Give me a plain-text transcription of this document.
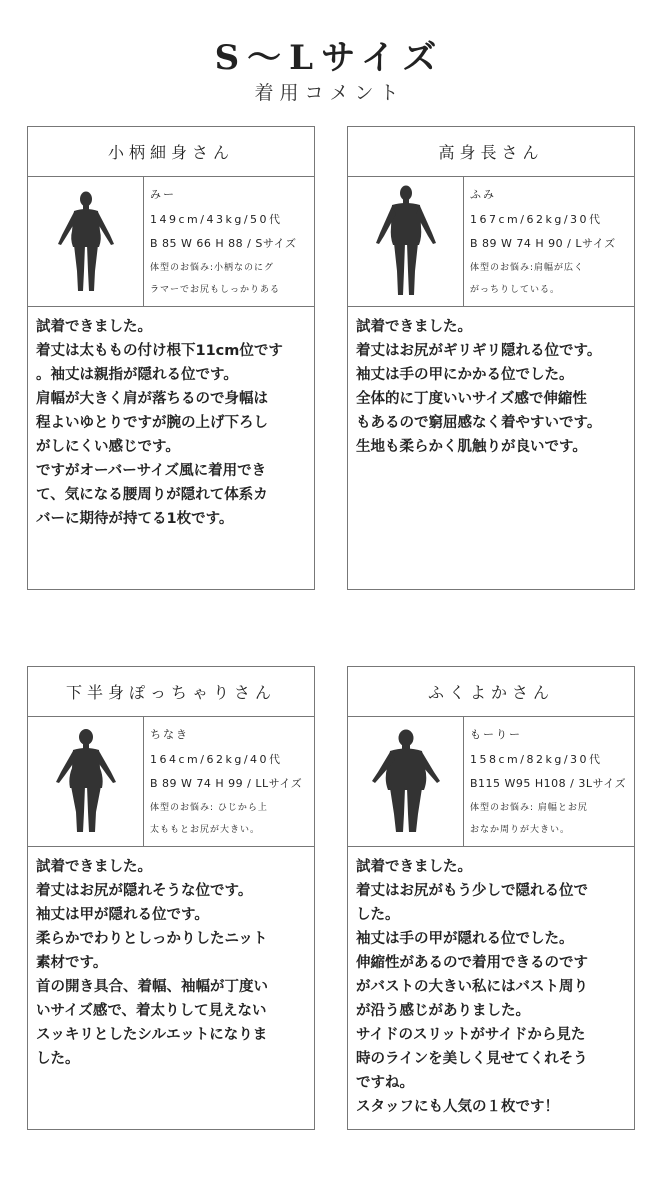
S～Lサイズ
着用コメント
小柄細身さん
みー
149cm/43kg/50代
B 85 W 66 H 88 / Sサイズ
体型のお悩み:小柄なのにグ
ラマーでお尻もしっかりある
試着できました。
着丈は太ももの付け根下11cm位です
。袖丈は親指が隠れる位です。
肩幅が大きく肩が落ちるので身幅は
程よいゆとりですが腕の上げ下ろし
がしにくい感じです。
ですがオーバーサイズ風に着用でき
て、気になる腰周りが隠れて体系カ
バーに期待が持てる1枚です。
高身長さん
ふみ
167cm/62kg/30代
B 89 W 74 H 90 / Lサイズ
体型のお悩み:肩幅が広く
がっちりしている。
試着できました。
着丈はお尻がギリギリ隠れる位です。
袖丈は手の甲にかかる位でした。
全体的に丁度いいサイズ感で伸縮性
もあるので窮屈感なく着やすいです。
生地も柔らかく肌触りが良いです。
下半身ぽっちゃりさん
ちなき
164cm/62kg/40代
B 89 W 74 H 99 / LLサイズ
体型のお悩み: ひじから上
太ももとお尻が大きい。
試着できました。
着丈はお尻が隠れそうな位です。
袖丈は甲が隠れる位です。
柔らかでわりとしっかりしたニット
素材です。
首の開き具合、着幅、袖幅が丁度い
いサイズ感で、着太りして見えない
スッキリとしたシルエットになりま
した。
ふくよかさん
もーりー
158cm/82kg/30代
B115 W95 H108 / 3Lサイズ
体型のお悩み: 肩幅とお尻
おなか周りが大きい。
試着できました。
着丈はお尻がもう少しで隠れる位で
した。
袖丈は手の甲が隠れる位でした。
伸縮性があるので着用できるのです
がバストの大きい私にはバスト周り
が沿う感じがありました。
サイドのスリットがサイドから見た
時のラインを美しく見せてくれそう
ですね。
スタッフにも人気の１枚です！
